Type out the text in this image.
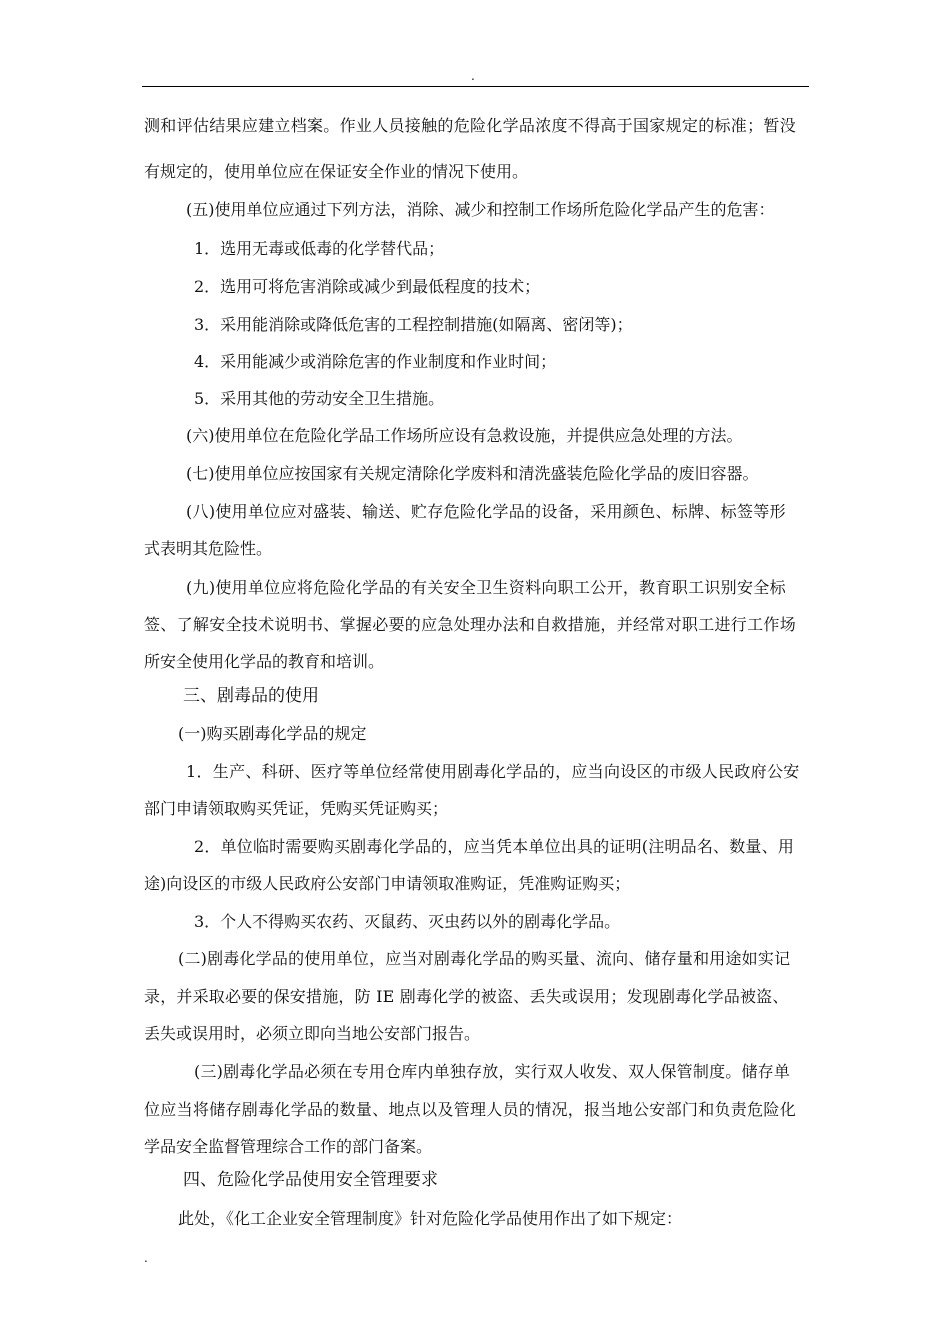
.
测和评估结果应建立档案。作业人员接触的危险化学品浓度不得高于国家规定的标准；暂没
有规定的，使用单位应在保证安全作业的情况下使用。
(五)使用单位应通过下列方法，消除、减少和控制工作场所危险化学品产生的危害：
1．选用无毒或低毒的化学替代品；
2．选用可将危害消除或减少到最低程度的技术；
3．采用能消除或降低危害的工程控制措施(如隔离、密闭等)；
4．采用能减少或消除危害的作业制度和作业时间；
5．采用其他的劳动安全卫生措施。
(六)使用单位在危险化学品工作场所应设有急救设施，并提供应急处理的方法。
(七)使用单位应按国家有关规定清除化学废料和清洗盛装危险化学品的废旧容器。
(八)使用单位应对盛装、输送、贮存危险化学品的设备，采用颜色、标牌、标签等形
式表明其危险性。
(九)使用单位应将危险化学品的有关安全卫生资料向职工公开，教育职工识别安全标
签、了解安全技术说明书、掌握必要的应急处理办法和自救措施，并经常对职工进行工作场
所安全使用化学品的教育和培训。
三、剧毒品的使用
(一)购买剧毒化学品的规定
1．生产、科研、医疗等单位经常使用剧毒化学品的，应当向设区的市级人民政府公安
部门申请领取购买凭证，凭购买凭证购买；
2．单位临时需要购买剧毒化学品的，应当凭本单位出具的证明(注明品名、数量、用
途)向设区的市级人民政府公安部门申请领取准购证，凭准购证购买；
3．个人不得购买农药、灭鼠药、灭虫药以外的剧毒化学品。
(二)剧毒化学品的使用单位，应当对剧毒化学品的购买量、流向、储存量和用途如实记
录，并采取必要的保安措施，防 IE 剧毒化学的被盗、丢失或误用；发现剧毒化学品被盗、
丢失或误用时，必须立即向当地公安部门报告。
(三)剧毒化学品必须在专用仓库内单独存放，实行双人收发、双人保管制度。储存单
位应当将储存剧毒化学品的数量、地点以及管理人员的情况，报当地公安部门和负责危险化
学品安全监督管理综合工作的部门备案。
四、危险化学品使用安全管理要求
此处，《化工企业安全管理制度》针对危险化学品使用作出了如下规定：
.
